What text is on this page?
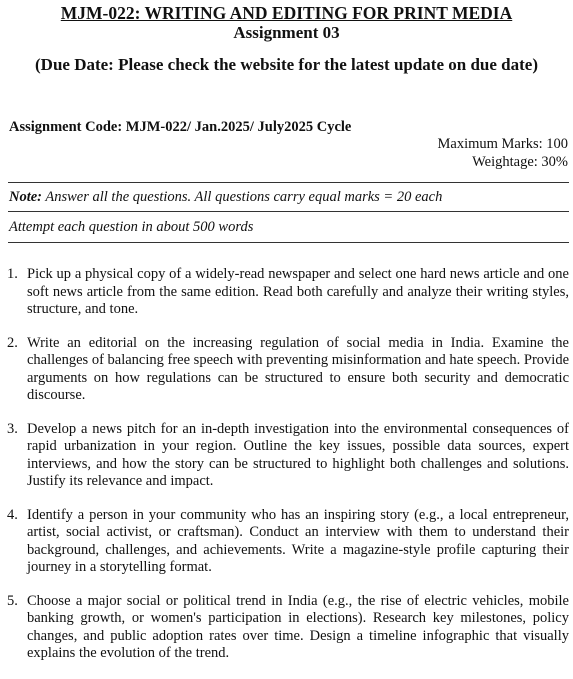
MJM-022: WRITING AND EDITING FOR PRINT MEDIA
Assignment 03
(Due Date: Please check the website for the latest update on due date)
Assignment Code: MJM-022/ Jan.2025/ July2025 Cycle
Maximum Marks: 100
Weightage: 30%
Note: Answer all the questions. All questions carry equal marks = 20 each
Attempt each question in about 500 words
1. Pick up a physical copy of a widely-read newspaper and select one hard news article and one soft news article from the same edition. Read both carefully and analyze their writing styles, structure, and tone.
2. Write an editorial on the increasing regulation of social media in India. Examine the challenges of balancing free speech with preventing misinformation and hate speech. Provide arguments on how regulations can be structured to ensure both security and democratic discourse.
3. Develop a news pitch for an in-depth investigation into the environmental consequences of rapid urbanization in your region. Outline the key issues, possible data sources, expert interviews, and how the story can be structured to highlight both challenges and solutions. Justify its relevance and impact.
4. Identify a person in your community who has an inspiring story (e.g., a local entrepreneur, artist, social activist, or craftsman). Conduct an interview with them to understand their background, challenges, and achievements. Write a magazine-style profile capturing their journey in a storytelling format.
5. Choose a major social or political trend in India (e.g., the rise of electric vehicles, mobile banking growth, or women's participation in elections). Research key milestones, policy changes, and public adoption rates over time. Design a timeline infographic that visually explains the evolution of the trend.
